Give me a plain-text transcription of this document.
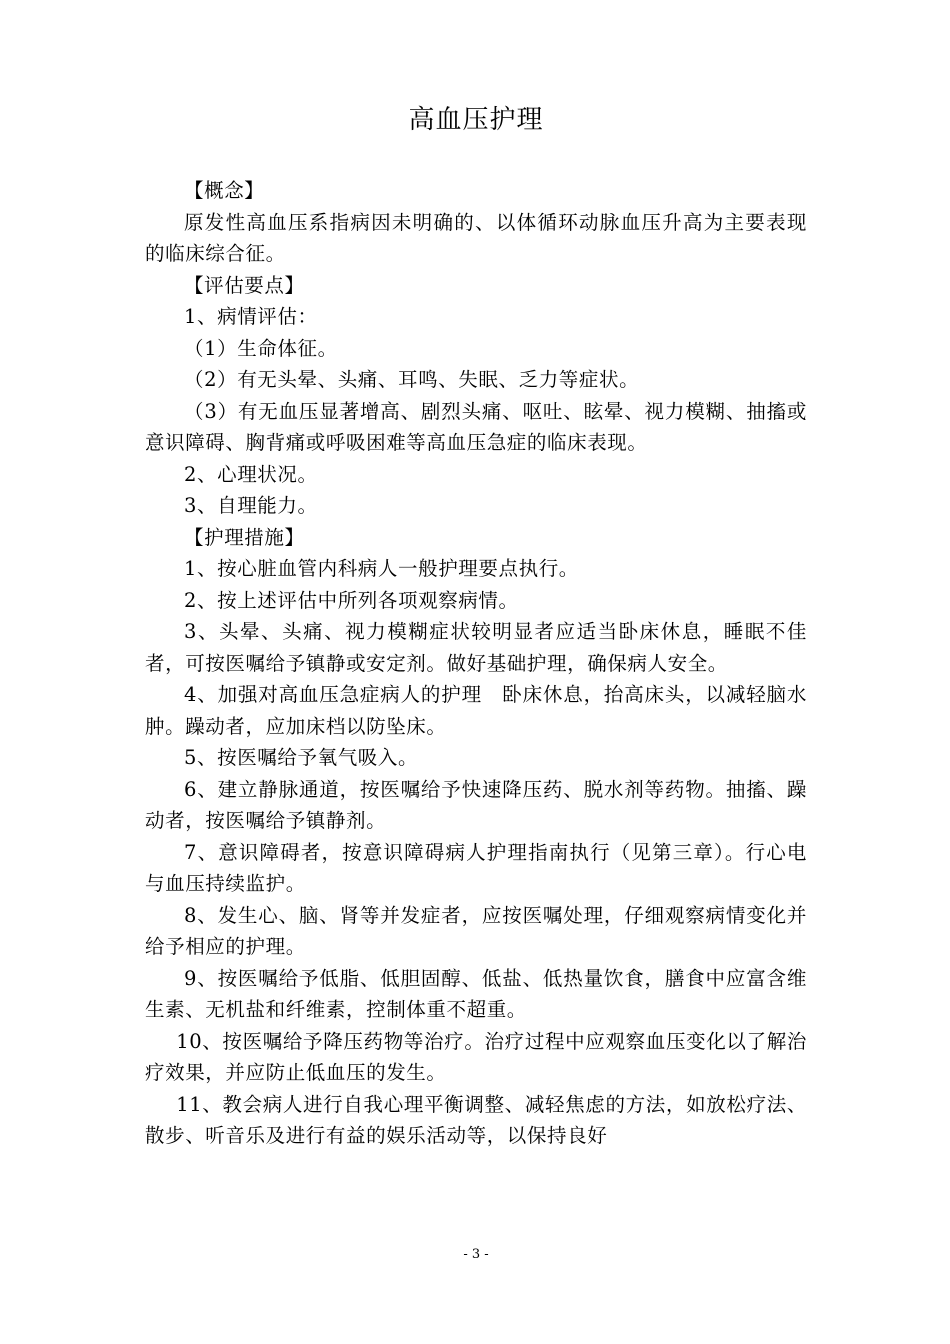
高血压护理

【概念】

原发性高血压系指病因未明确的、以体循环动脉血压升高为主要表现的临床综合征。

【评估要点】

1、病情评估：

（1）生命体征。

（2）有无头晕、头痛、耳鸣、失眠、乏力等症状。

（3）有无血压显著增高、剧烈头痛、呕吐、眩晕、视力模糊、抽搐或意识障碍、胸背痛或呼吸困难等高血压急症的临床表现。

2、心理状况。

3、自理能力。

【护理措施】

1、按心脏血管内科病人一般护理要点执行。

2、按上述评估中所列各项观察病情。

3、头晕、头痛、视力模糊症状较明显者应适当卧床休息，睡眠不佳者，可按医嘱给予镇静或安定剂。做好基础护理，确保病人安全。

4、加强对高血压急症病人的护理　卧床休息，抬高床头，以减轻脑水肿。躁动者，应加床档以防坠床。

5、按医嘱给予氧气吸入。

6、建立静脉通道，按医嘱给予快速降压药、脱水剂等药物。抽搐、躁动者，按医嘱给予镇静剂。

7、意识障碍者，按意识障碍病人护理指南执行（见第三章）。行心电与血压持续监护。

8、发生心、脑、肾等并发症者，应按医嘱处理，仔细观察病情变化并给予相应的护理。

9、按医嘱给予低脂、低胆固醇、低盐、低热量饮食，膳食中应富含维生素、无机盐和纤维素，控制体重不超重。

10、按医嘱给予降压药物等治疗。治疗过程中应观察血压变化以了解治疗效果，并应防止低血压的发生。

11、教会病人进行自我心理平衡调整、减轻焦虑的方法，如放松疗法、散步、听音乐及进行有益的娱乐活动等，以保持良好

- 3 -
